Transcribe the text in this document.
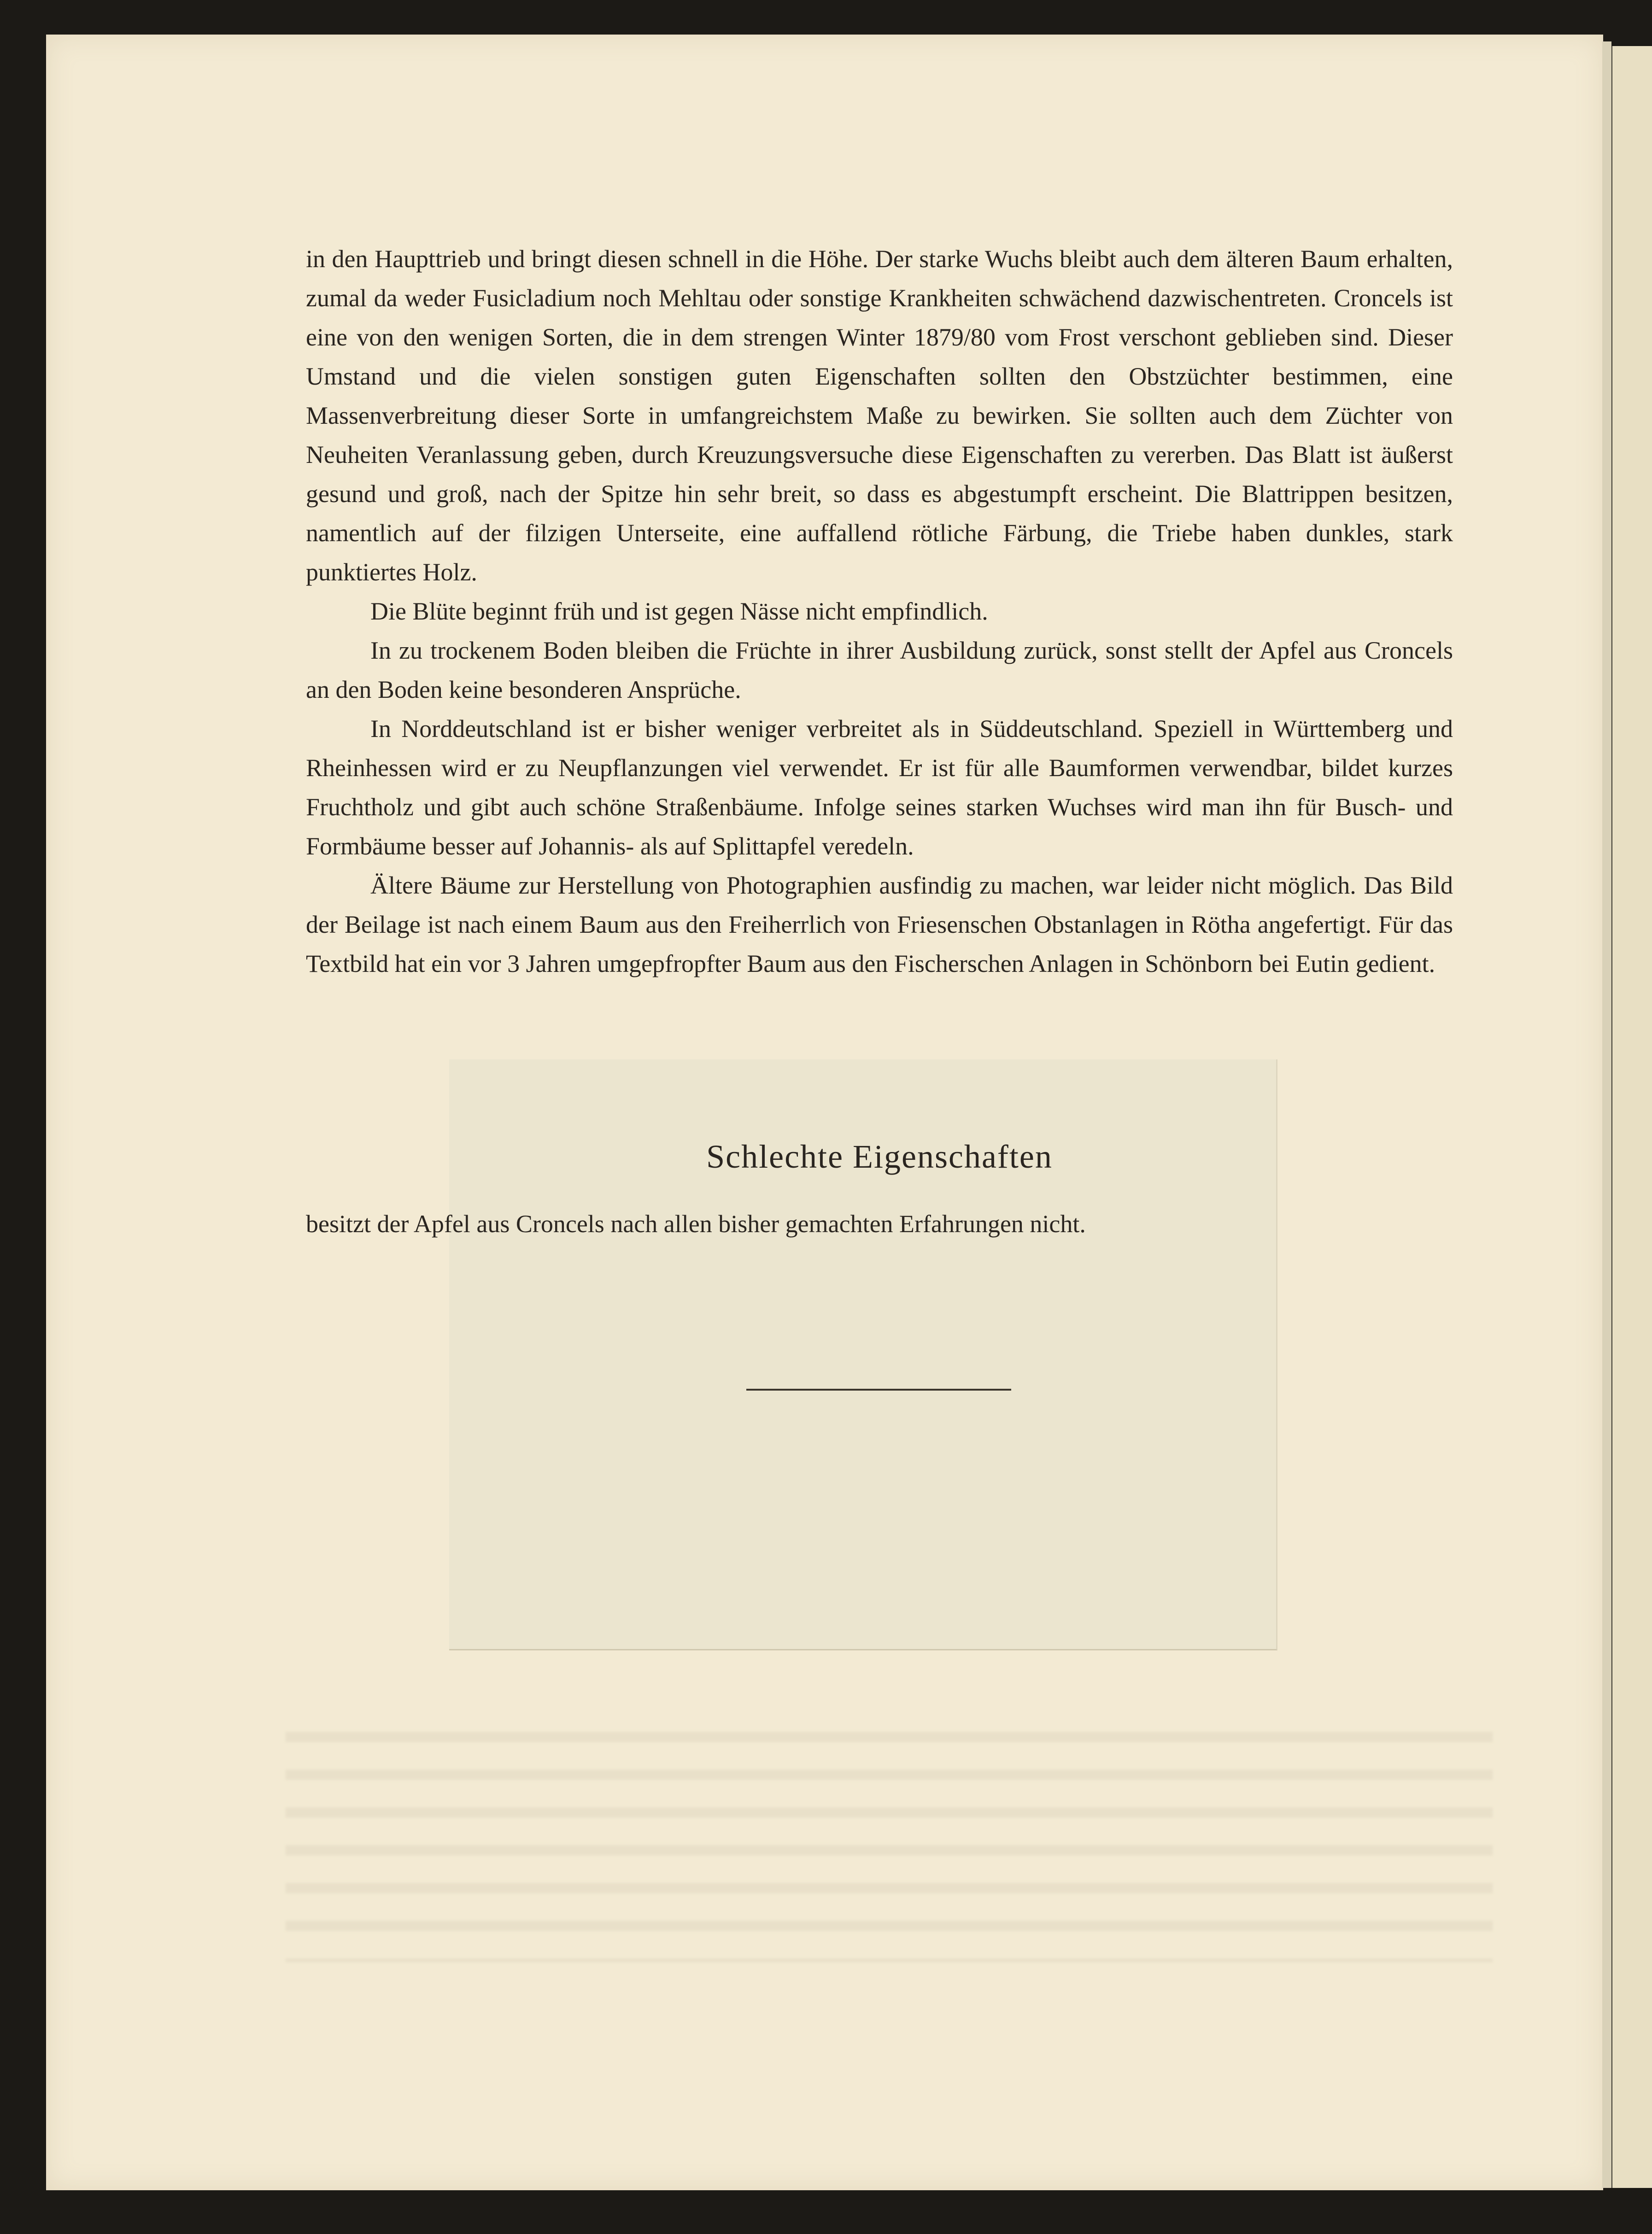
in den Haupttrieb und bringt diesen schnell in die Höhe. Der starke Wuchs bleibt auch dem älteren Baum erhalten, zumal da weder Fusicladium noch Mehltau oder sonstige Krankheiten schwächend dazwischentreten. Croncels ist eine von den wenigen Sorten, die in dem strengen Winter 1879/80 vom Frost verschont geblieben sind. Dieser Umstand und die vielen sonstigen guten Eigenschaften sollten den Obstzüchter bestimmen, eine Massenverbreitung dieser Sorte in umfangreichstem Maße zu bewirken. Sie sollten auch dem Züchter von Neuheiten Veranlassung geben, durch Kreuzungsversuche diese Eigenschaften zu vererben. Das Blatt ist äußerst gesund und groß, nach der Spitze hin sehr breit, so dass es abgestumpft erscheint. Die Blattrippen besitzen, namentlich auf der filzigen Unterseite, eine auffallend rötliche Färbung, die Triebe haben dunkles, stark punktiertes Holz.

Die Blüte beginnt früh und ist gegen Nässe nicht empfindlich.

In zu trockenem Boden bleiben die Früchte in ihrer Ausbildung zurück, sonst stellt der Apfel aus Croncels an den Boden keine besonderen Ansprüche.

In Norddeutschland ist er bisher weniger verbreitet als in Süddeutschland. Speziell in Württemberg und Rheinhessen wird er zu Neupflanzungen viel verwendet. Er ist für alle Baumformen verwendbar, bildet kurzes Fruchtholz und gibt auch schöne Straßenbäume. Infolge seines starken Wuchses wird man ihn für Busch- und Formbäume besser auf Johannis- als auf Splittapfel veredeln.

Ältere Bäume zur Herstellung von Photographien ausfindig zu machen, war leider nicht möglich. Das Bild der Beilage ist nach einem Baum aus den Freiherrlich von Friesenschen Obstanlagen in Rötha angefertigt. Für das Textbild hat ein vor 3 Jahren umgepfropfter Baum aus den Fischerschen Anlagen in Schönborn bei Eutin gedient.

Schlechte Eigenschaften
besitzt der Apfel aus Croncels nach allen bisher gemachten Erfahrungen nicht.
